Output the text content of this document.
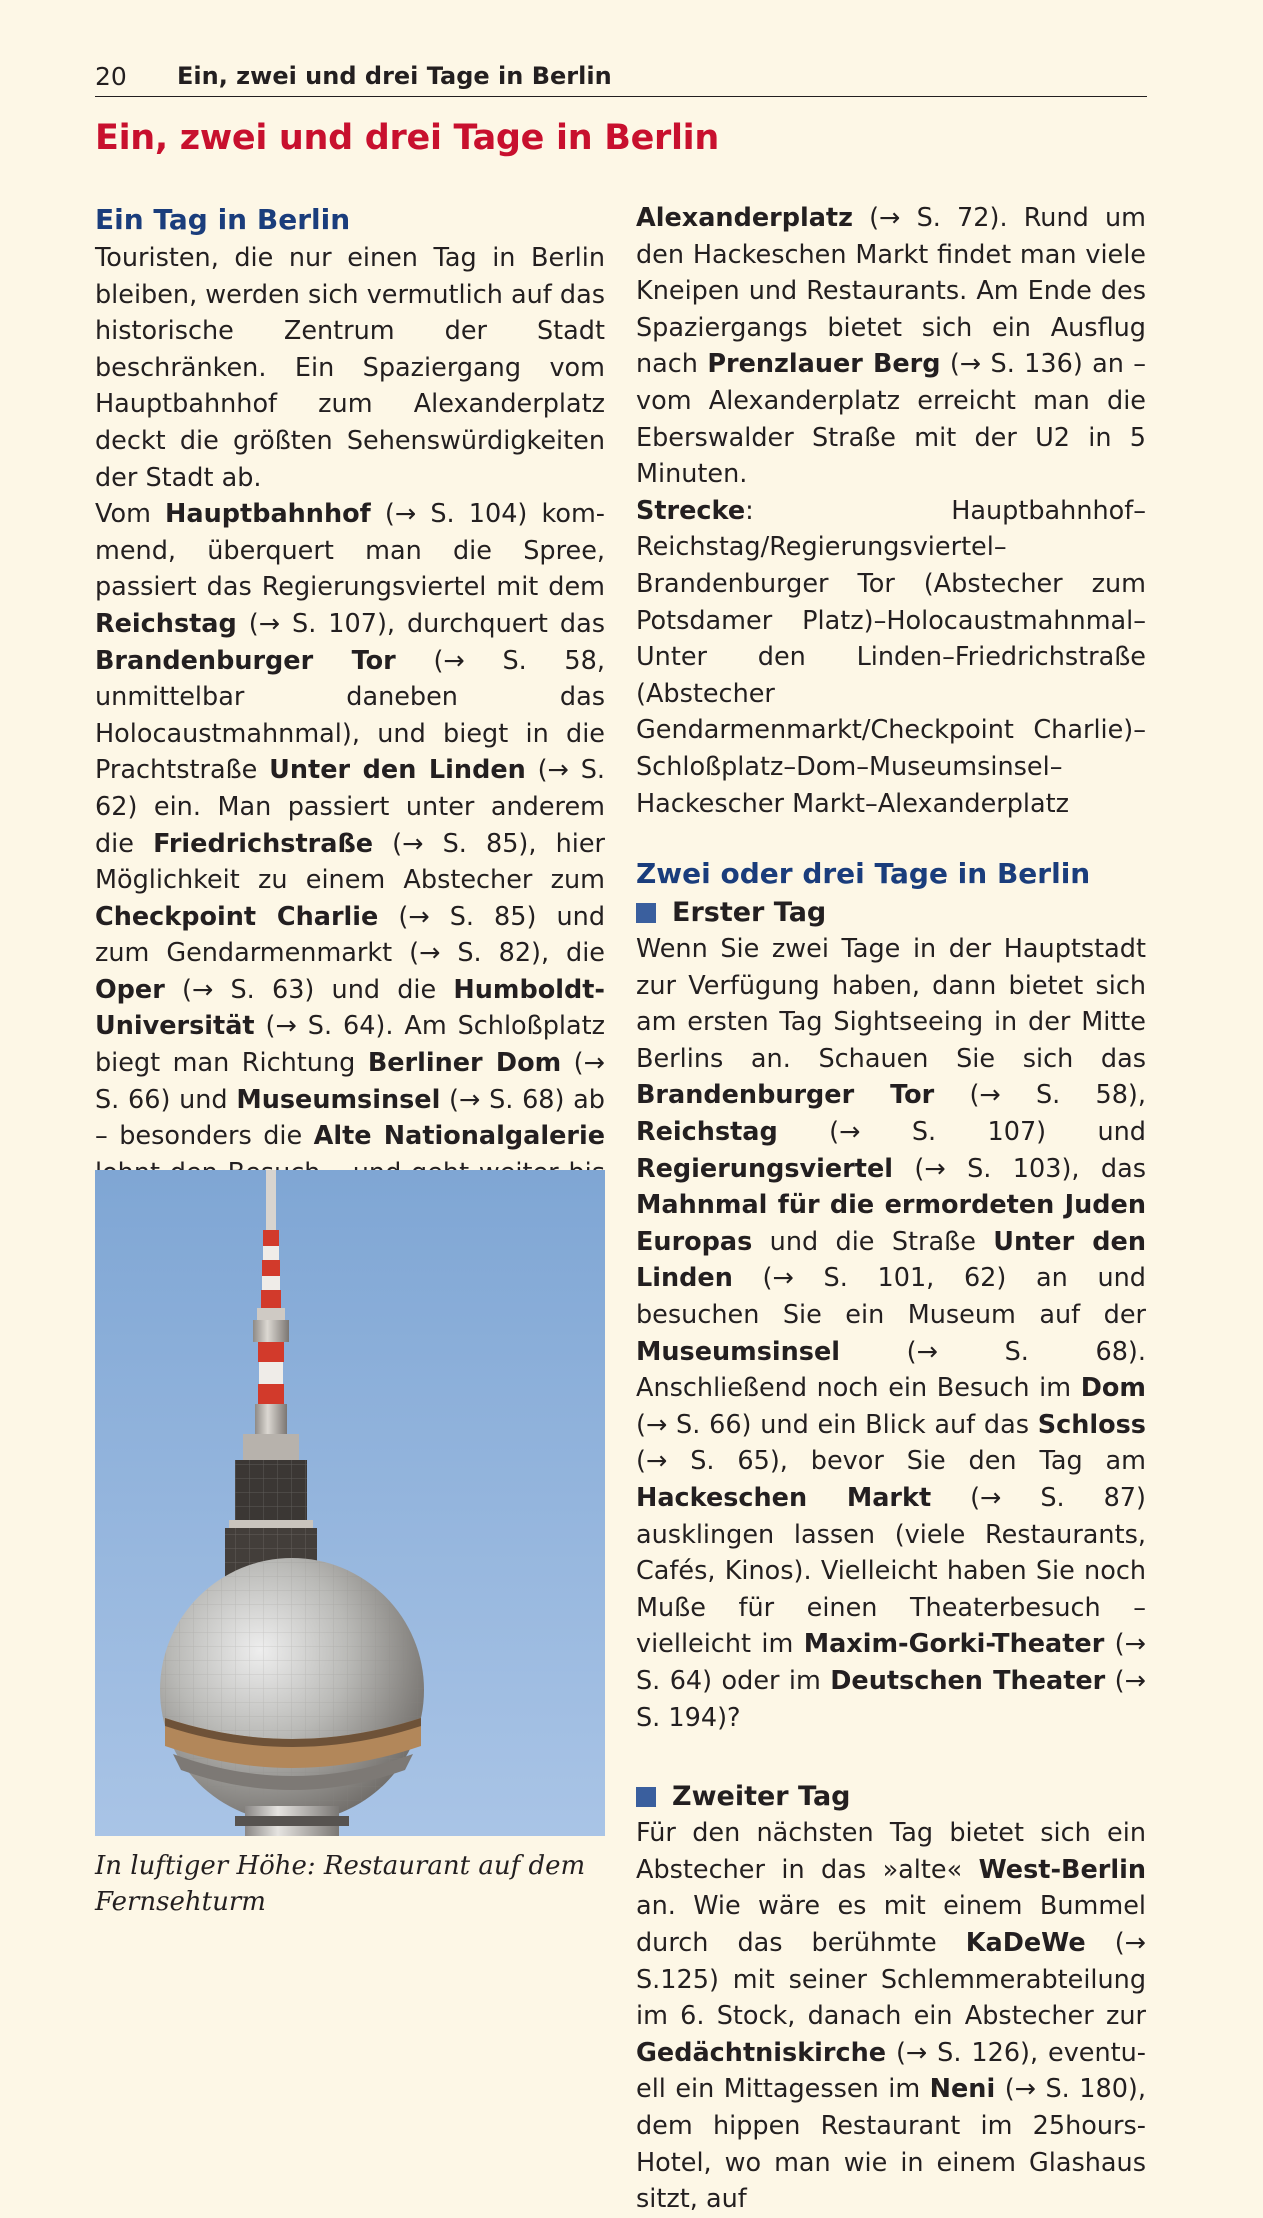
20 Ein, zwei und drei Tage in Berlin
Ein, zwei und drei Tage in Berlin
Ein Tag in Berlin

Touristen, die nur einen Tag in Berlin bleiben, werden sich vermutlich auf das historische Zentrum der Stadt beschränken. Ein Spaziergang vom Hauptbahnhof zum Alexanderplatz deckt die größten Sehenswürdigkeiten der Stadt ab.

Vom Hauptbahnhof (→ S. 104) kommend, überquert man die Spree, passiert das Regierungsviertel mit dem Reichstag (→ S. 107), durchquert das Brandenburger Tor (→ S. 58, unmittelbar daneben das Holocaustmahnmal), und biegt in die Prachtstraße Unter den Linden (→ S. 62) ein. Man passiert unter anderem die Friedrichstraße (→ S. 85), hier Möglichkeit zu einem Abstecher zum Checkpoint Charlie (→ S. 85) und zum Gendarmenmarkt (→ S. 82), die Oper (→ S. 63) und die Humboldt-Universität (→ S. 64). Am Schloßplatz biegt man Richtung Berliner Dom (→ S. 66) und Museumsinsel (→ S. 68) ab – besonders die Alte Nationalgalerie

In luftiger Höhe: Restaurant auf dem Fernsehturm

Alexanderplatz (→ S. 72). Rund um den Hackeschen Markt findet man viele Kneipen und Restaurants. Am Ende des Spaziergangs bietet sich ein Ausflug nach Prenzlauer Berg (→ S. 136) an – vom Alexanderplatz erreicht man die Eberswalder Straße mit der U2 in 5 Minuten.

Strecke: Hauptbahnhof–Reichstag/Regierungsviertel–Brandenburger Tor (Abstecher zum Potsdamer Platz)–Holocaustmahnmal–Unter den Linden–Friedrichstraße (Abstecher Gendarmenmarkt/Checkpoint Charlie)–Schloßplatz–Dom–Museumsinsel–Hackescher Markt–Alexanderplatz

Zwei oder drei Tage in Berlin
Erster Tag

Wenn Sie zwei Tage in der Hauptstadt zur Verfügung haben, dann bietet sich am ersten Tag Sightseeing in der Mitte Berlins an. Schauen Sie sich das Brandenburger Tor (→ S. 58), Reichstag (→ S. 107) und Regierungsviertel (→ S. 103), das Mahnmal für die ermordeten Juden Europas und die Straße Unter den Linden (→ S. 101, 62) an und besuchen Sie ein Museum auf der Museumsinsel (→ S. 68). Anschließend noch ein Besuch im Dom (→ S. 66) und ein Blick auf das Schloss (→ S. 65), bevor Sie den Tag am Hackeschen Markt (→ S. 87) ausklingen lassen (viele Restaurants, Cafés, Kinos). Vielleicht haben Sie noch Muße für einen Theaterbesuch – vielleicht im Maxim-Gorki-Theater (→ S. 64) oder im Deutschen Theater (→ S. 194)?

Zweiter Tag

Für den nächsten Tag bietet sich ein Abstecher in das »alte« West-Berlin an. Wie wäre es mit einem Bummel durch das berühmte KaDeWe (→ S.125) mit seiner Schlemmerabteilung im 6. Stock, danach ein Abstecher zur Gedächtniskirche (→ S. 126), eventuell ein Mittagessen im Neni (→ S. 180), dem hippen Restaurant im 25hours-Hotel, wo man wie in einem Glashaus sitzt, auf
